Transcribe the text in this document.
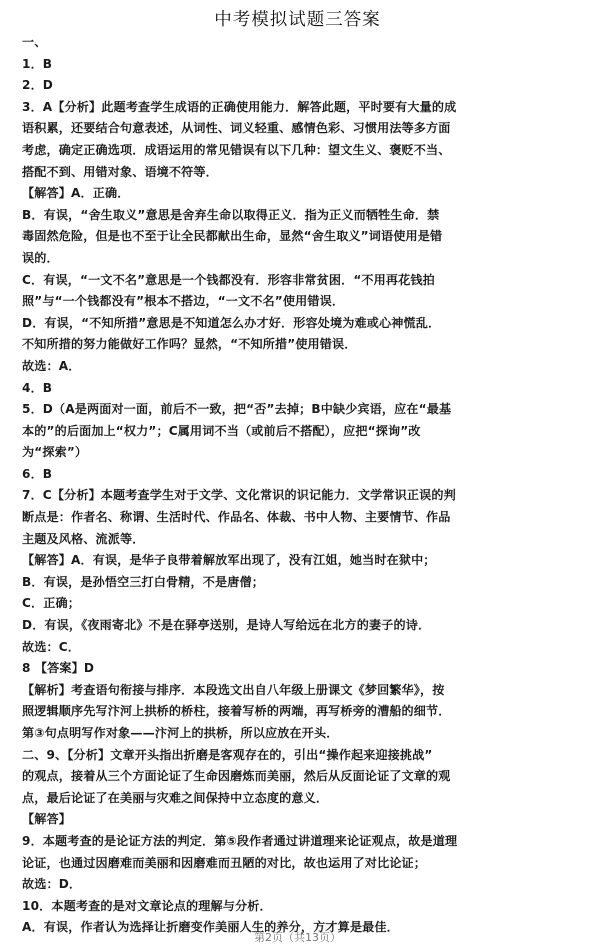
中考模拟试题三答案
一、
1．B
2．D
3．A【分析】此题考查学生成语的正确使用能力．解答此题，平时要有大量的成
语积累，还要结合句意表述，从词性、词义轻重、感情色彩、习惯用法等多方面
考虑，确定正确选项．成语运用的常见错误有以下几种：望文生义、褒贬不当、
搭配不到、用错对象、语境不符等．
【解答】A．正确．
B．有误，“舍生取义”意思是舍弃生命以取得正义．指为正义而牺牲生命．禁
毒固然危险，但是也不至于让全民都献出生命，显然“舍生取义”词语使用是错
误的．
C．有误，“一文不名”意思是一个钱都没有．形容非常贫困．“不用再花钱拍
照”与“一个钱都没有”根本不搭边，“一文不名”使用错误．
D．有误，“不知所措”意思是不知道怎么办才好．形容处境为难或心神慌乱．
不知所措的努力能做好工作吗？显然，“不知所措”使用错误．
故选：A．
4．B
5．D（A是两面对一面，前后不一致，把“否”去掉；B中缺少宾语，应在“最基
本的”的后面加上“权力”；C属用词不当（或前后不搭配），应把“探询”改
为“探索”）
6．B
7．C【分析】本题考查学生对于文学、文化常识的识记能力．文学常识正误的判
断点是：作者名、称谓、生活时代、作品名、体裁、书中人物、主要情节、作品
主题及风格、流派等．
【解答】A．有误，是华子良带着解放军出现了，没有江姐，她当时在狱中；
B．有误，是孙悟空三打白骨精，不是唐僧；
C．正确；
D．有误，《夜雨寄北》不是在驿亭送别，是诗人写给远在北方的妻子的诗．
故选：C．
8 【答案】D
【解析】考查语句衔接与排序．本段选文出自八年级上册课文《梦回繁华》，按
照逻辑顺序先写汴河上拱桥的桥柱，接着写桥的两端，再写桥旁的漕船的细节．
第③句点明写作对象——汴河上的拱桥，所以应放在开头．
二、9、【分析】文章开头指出折磨是客观存在的，引出“操作起来迎接挑战”
的观点，接着从三个方面论证了生命因磨炼而美丽，然后从反面论证了文章的观
点，最后论证了在美丽与灾难之间保持中立态度的意义．
【解答】
9．本题考查的是论证方法的判定．第⑤段作者通过讲道理来论证观点，故是道理
论证，也通过因磨难而美丽和因磨难而丑陋的对比，故也运用了对比论证；
故选：D．
10．本题考查的是对文章论点的理解与分析．
A．有误，作者认为选择让折磨变作美丽人生的养分，方才算是最佳．
第2页（共13页）
